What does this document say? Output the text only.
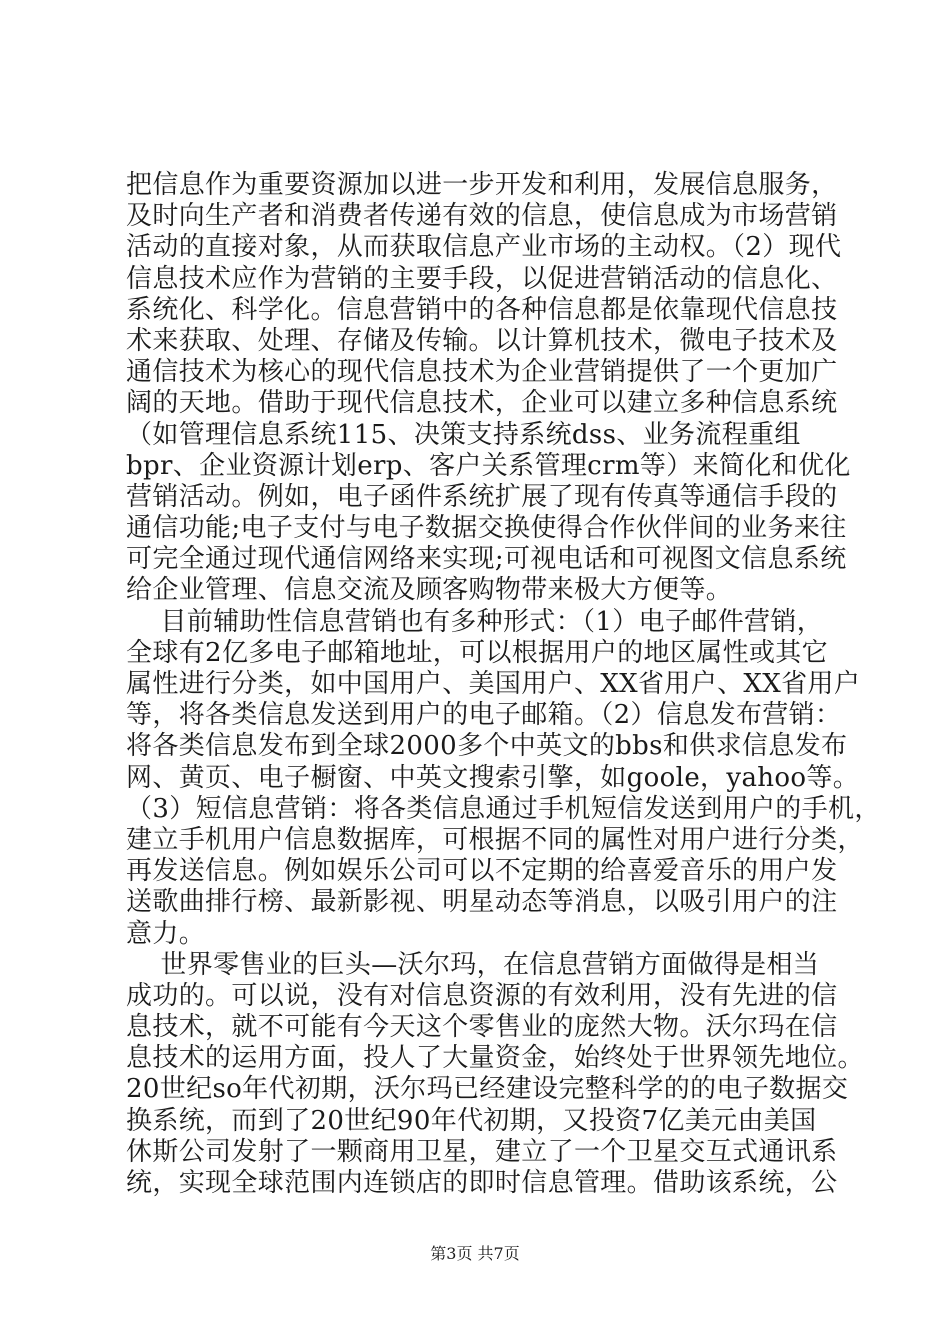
把信息作为重要资源加以进一步开发和利用，发展信息服务，
及时向生产者和消费者传递有效的信息，使信息成为市场营销
活动的直接对象，从而获取信息产业市场的主动权。（2）现代
信息技术应作为营销的主要手段，以促进营销活动的信息化、
系统化、科学化。信息营销中的各种信息都是依靠现代信息技
术来获取、处理、存储及传输。以计算机技术，微电子技术及
通信技术为核心的现代信息技术为企业营销提供了一个更加广
阔的天地。借助于现代信息技术，企业可以建立多种信息系统
（如管理信息系统115、决策支持系统dss、业务流程重组
bpr、企业资源计划erp、客户关系管理crm等）来简化和优化
营销活动。例如，电子函件系统扩展了现有传真等通信手段的
通信功能;电子支付与电子数据交换使得合作伙伴间的业务来往
可完全通过现代通信网络来实现;可视电话和可视图文信息系统
给企业管理、信息交流及顾客购物带来极大方便等。
目前辅助性信息营销也有多种形式：（1）电子邮件营销，
全球有2亿多电子邮箱地址，可以根据用户的地区属性或其它
属性进行分类，如中国用户、美国用户、XX省用户、XX省用户
等，将各类信息发送到用户的电子邮箱。（2）信息发布营销：
将各类信息发布到全球2000多个中英文的bbs和供求信息发布
网、黄页、电子橱窗、中英文搜索引擎，如goole，yahoo等。
（3）短信息营销：将各类信息通过手机短信发送到用户的手机，
建立手机用户信息数据库，可根据不同的属性对用户进行分类，
再发送信息。例如娱乐公司可以不定期的给喜爱音乐的用户发
送歌曲排行榜、最新影视、明星动态等消息，以吸引用户的注
意力。
世界零售业的巨头—沃尔玛，在信息营销方面做得是相当
成功的。可以说，没有对信息资源的有效利用，没有先进的信
息技术，就不可能有今天这个零售业的庞然大物。沃尔玛在信
息技术的运用方面，投人了大量资金，始终处于世界领先地位。
20世纪so年代初期，沃尔玛已经建设完整科学的的电子数据交
换系统，而到了20世纪90年代初期，又投资7亿美元由美国
休斯公司发射了一颗商用卫星，建立了一个卫星交互式通讯系
统，实现全球范围内连锁店的即时信息管理。借助该系统，公
第3页 共7页
